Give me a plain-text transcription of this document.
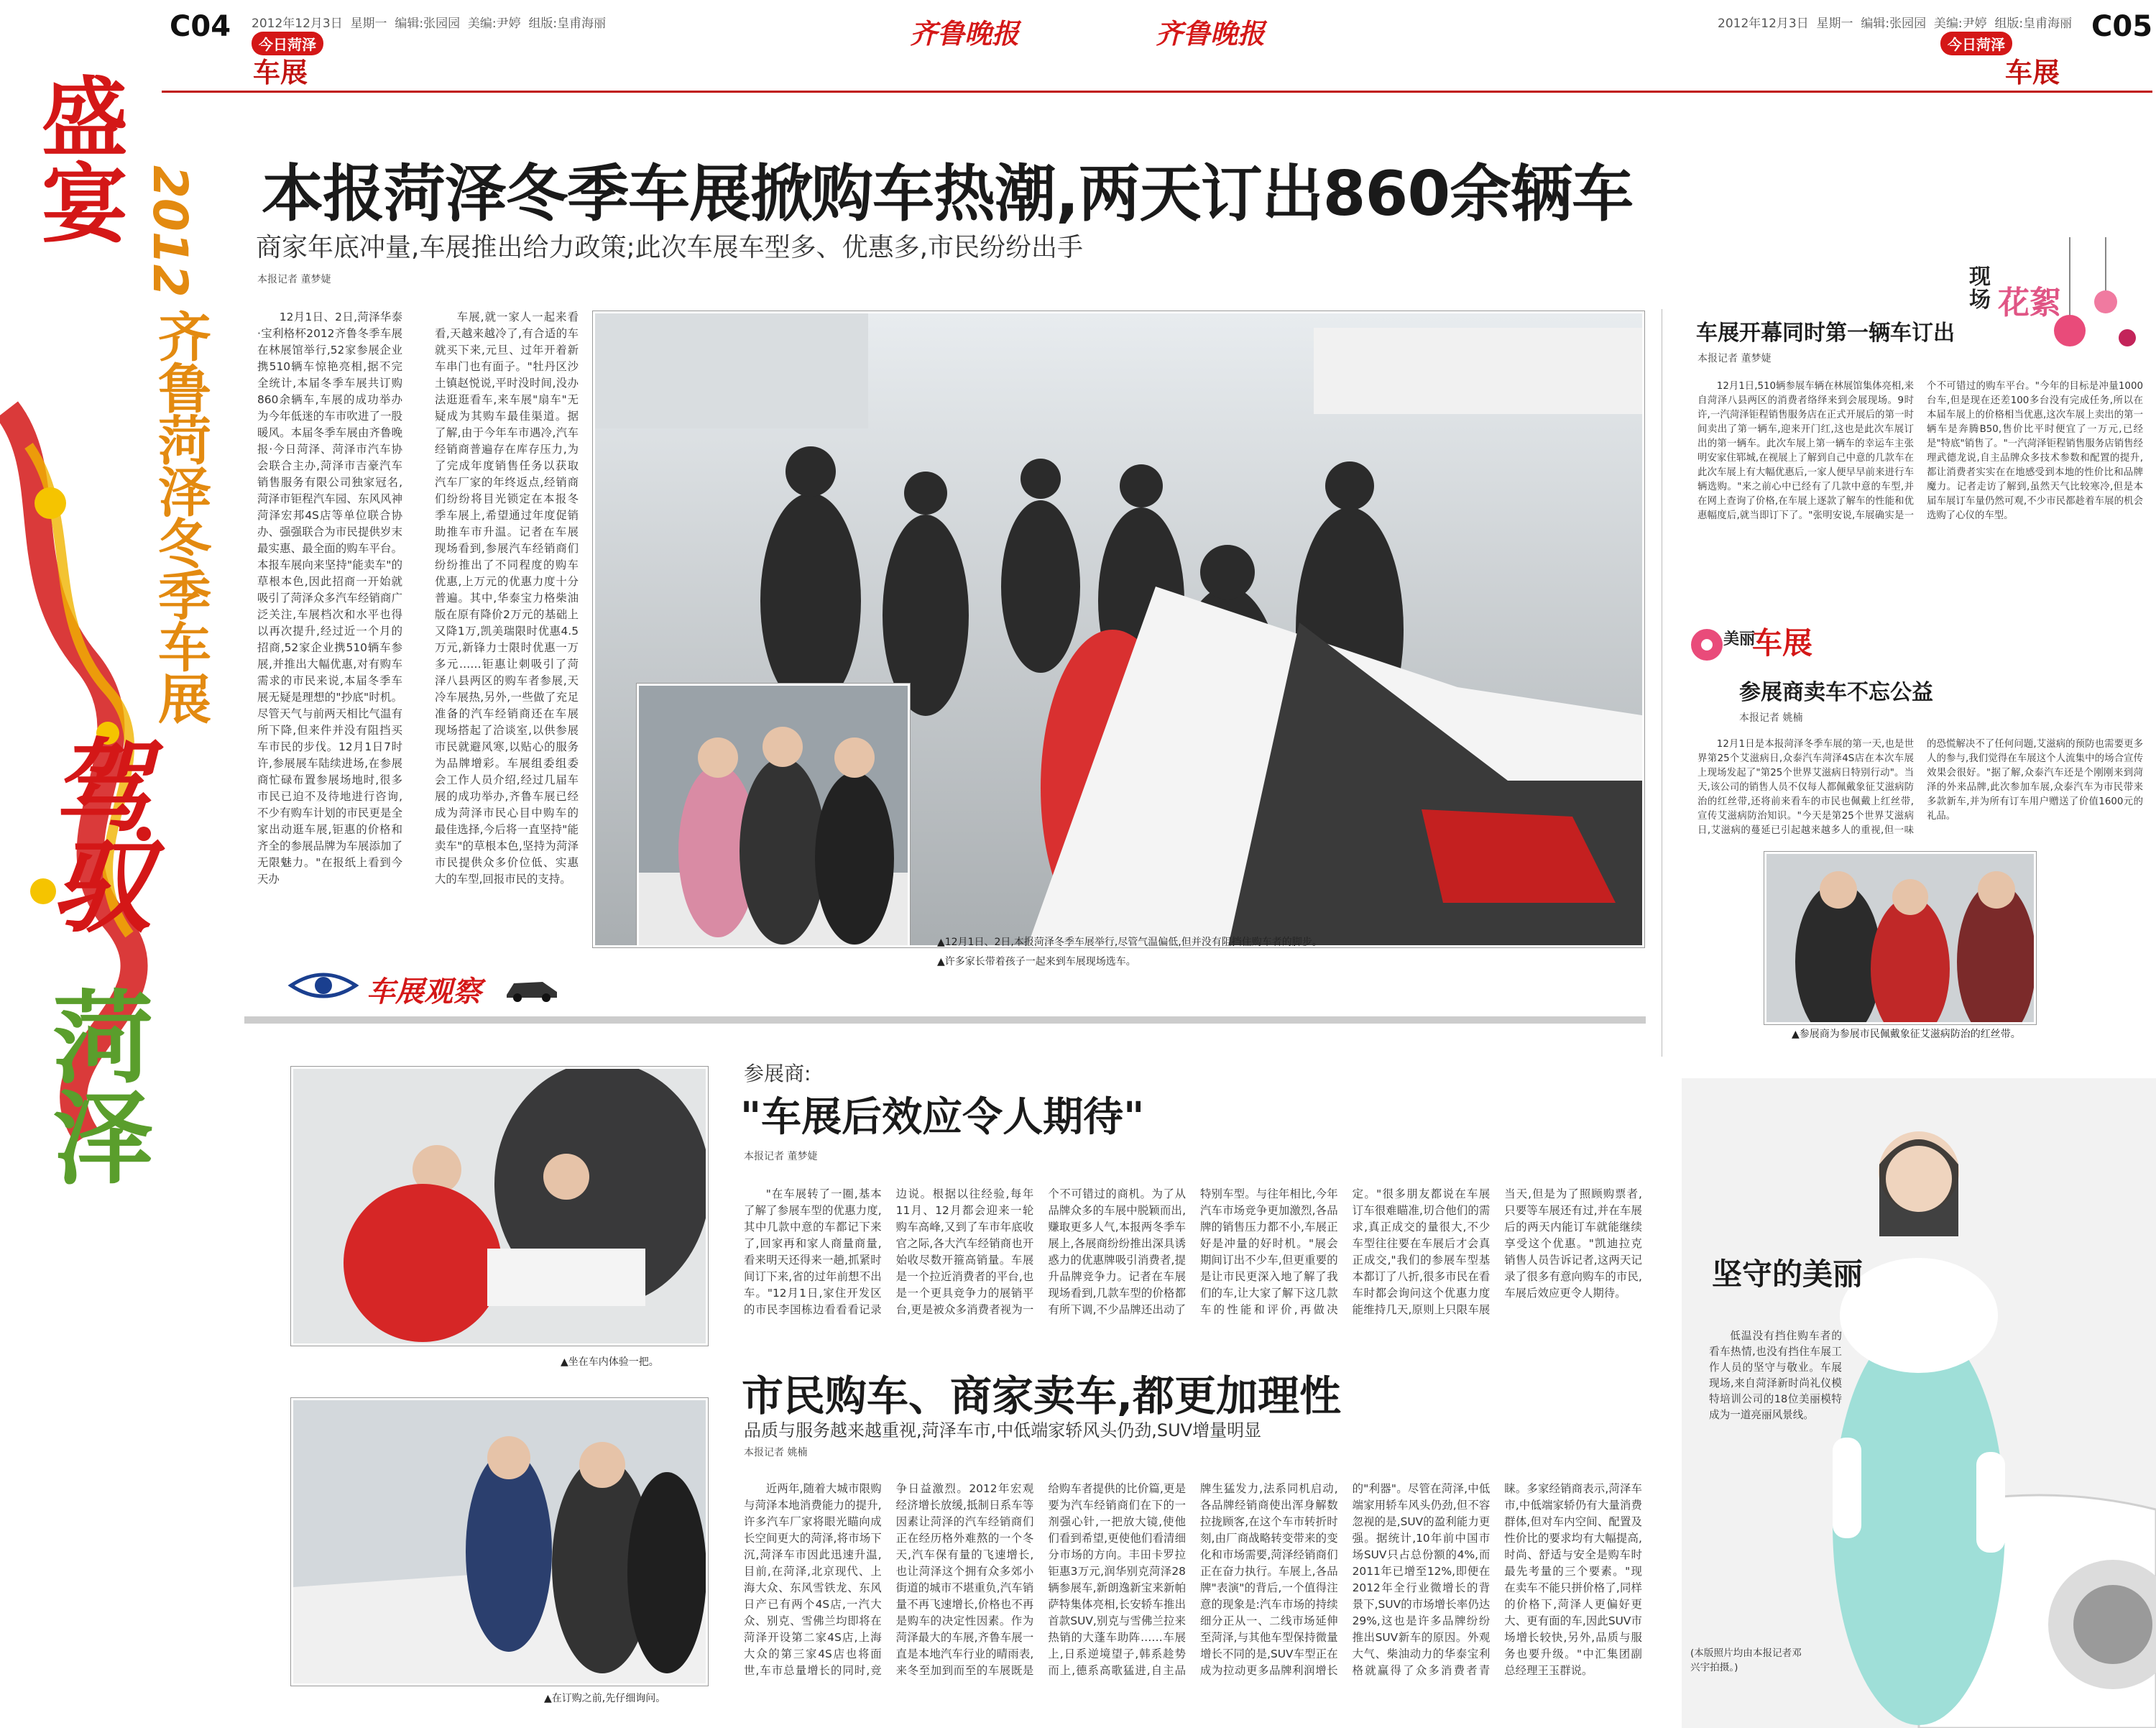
C04 2012年12月3日 星期一 编辑:张园园 美编:尹婷 组版:皇甫海丽
今日菏泽
车展
齐鲁晚报	齐鲁晚报	2012年12月3日 星期一 编辑:张园园 美编:尹婷 组版:皇甫海丽
今日菏泽
车展
C05
盛宴 2012
齐鲁菏泽冬季车展
驾驭
菏泽
本报菏泽冬季车展掀购车热潮,两天订出860余辆车
商家年底冲量,车展推出给力政策;此次车展车型多、优惠多,市民纷纷出手
本报记者 董梦婕

12月1日、2日,菏泽华泰·宝利格杯2012齐鲁冬季车展在林展馆举行,52家参展企业携510辆车惊艳亮相,据不完全统计,本届冬季车展共订购860余辆车,车展的成功举办为今年低迷的车市吹进了一股暖风。本届冬季车展由齐鲁晚报·今日菏泽、菏泽市汽车协会联合主办,菏泽市吉豪汽车销售服务有限公司独家冠名,菏泽市钜程汽车园、东风风神菏泽宏邦4S店等单位联合协办、强强联合为市民提供岁末最实惠、最全面的购车平台。本报车展向来坚持"能卖车"的草根本色,因此招商一开始就吸引了菏泽众多汽车经销商广泛关注,车展档次和水平也得以再次提升,经过近一个月的招商,52家企业携510辆车参展,并推出大幅优惠,对有购车需求的市民来说,本届冬季车展无疑是理想的"抄底"时机。尽管天气与前两天相比气温有所下降,但来件并没有阻挡买车市民的步伐。12月1日7时许,参展展车陆续进场,在参展商忙碌布置参展场地时,很多市民已迫不及待地进行咨询,不少有购车计划的市民更是全家出动逛车展,钜惠的价格和齐全的参展品牌为车展添加了无限魅力。"在报纸上看到今天办

车展,就一家人一起来看看,天越来越冷了,有合适的车就买下来,元旦、过年开着新车串门也有面子。"牡丹区沙土镇赵悦说,平时没时间,没办法逛逛看车,来车展"扇车"无疑成为其购车最佳渠道。据了解,由于今年车市遇冷,汽车经销商普遍存在库存压力,为了完成年度销售任务以获取汽车厂家的年终返点,经销商们纷纷将目光锁定在本报冬季车展上,希望通过年度促销助推车市升温。记者在车展现场看到,参展汽车经销商们纷纷推出了不同程度的购车优惠,上万元的优惠力度十分普遍。其中,华泰宝力格柴油版在原有降价2万元的基础上又降1万,凯美瑞限时优惠4.5万元,新锋力士限时优惠一万多元……钜惠让刺吸引了菏泽八县两区的购车者参展,天冷车展热,另外,一些做了充足准备的汽车经销商还在车展现场搭起了洽谈室,以供参展市民就避风寒,以贴心的服务为品牌增彩。车展组委组委会工作人员介绍,经过几届车展的成功举办,齐鲁车展已经成为菏泽市民心目中购车的最佳选择,今后将一直坚持"能卖车"的草根本色,坚持为菏泽市民提供众多价位低、实惠大的车型,回报市民的支持。

▲12月1日、2日,本报菏泽冬季车展举行,尽管气温偏低,但并没有阻挡住购车者的脚步。
▲许多家长带着孩子一起来到车展现场选车。
车展观察
▲坐在车内体验一把。
参展商:
"车展后效应令人期待"
本报记者 董梦婕

"在车展转了一圈,基本了解了参展车型的优惠力度,其中几款中意的车都记下来了,回家再和家人商量商量,看来明天还得来一趟,抓紧时间订下来,省的过年前想不出车。"12月1日,家住开发区的市民李国栋边看看看记录边说。根据以往经验,每年11月、12月都会迎来一轮购车高峰,又到了车市年底收官之际,各大汽车经销商也开始收尽数开箍高销量。车展是一个拉近消费者的平台,也是一个更具竞争力的展销平台,更是被众多消费者视为一个不可错过的商机。为了从品牌众多的车展中脱颖而出,赚取更多人气,本报两冬季车展上,各展商纷纷推出深具诱惑力的优惠牌吸引消费者,提升品牌竞争力。记者在车展现场看到,几款车型的价格都有所下调,不少品牌还出动了特别车型。与往年相比,今年汽车市场竞争更加激烈,各品牌的销售压力都不小,车展正好是冲量的好时机。"展会期间订出不少车,但更重要的是让市民更深入地了解了我们的车,让大家了解下这几款车的性能和评价,再做决定。"很多朋友都说在车展订车很难瞄准,切合他们的需求,真正成交的量很大,不少车型往往要在车展后才会真正成交,"我们的参展车型基本都订了八折,很多市民在看车时都会询问这个优惠力度能维持几天,原则上只限车展当天,但是为了照顾购票者,只要等车展还有过,并在车展后的两天内能订车就能继续享受这个优惠。"凯迪拉克销售人员告诉记者,这两天记录了很多有意向购车的市民,车展后效应更令人期待。

▲在订购之前,先仔细询问。
市民购车、商家卖车,都更加理性
品质与服务越来越重视,菏泽车市,中低端家轿风头仍劲,SUV增量明显
本报记者 姚楠

近两年,随着大城市限购与菏泽本地消费能力的提升,许多汽车厂家将眼光瞄向成长空间更大的菏泽,将市场下沉,菏泽车市因此迅速升温,目前,在菏泽,北京现代、上海大众、东风雪铁龙、东风日产已有两个4S店,一汽大众、别克、雪佛兰均即将在菏泽开设第二家4S店,上海大众的第三家4S店也将面世,车市总量增长的同时,竞争日益激烈。2012年宏观经济增长放缓,抵制日系车等因素让菏泽的汽车经销商们正在经历格外难熬的一个冬天,汽车保有量的飞速增长,也让菏泽这个拥有众多郊小街道的城市不堪重负,汽车销量不再飞速增长,价格也不再是购车的决定性因素。作为菏泽最大的车展,齐鲁车展一直是本地汽车行业的晴雨表,来冬至加到而至的车展既是给购车者提供的比价篇,更是要为汽车经销商们在下的一剂强心针,一把放大镜,使他们看到希望,更使他们看清细分市场的方向。丰田卡罗拉钜惠3万元,润华别克菏泽28辆参展车,新朗逸新宝来新帕萨特集体亮相,长安轿车推出首款SUV,别克与雪佛兰拉来热销的大蓬车助阵……车展上,日系逆境望子,韩系趁势而上,德系高歌猛进,自主品牌生猛发力,法系同机启动,各品牌经销商使出浑身解数拉拢顾客,在这个车市转折时刻,由厂商战略转变带来的变化和市场需要,菏泽经销商们正在奋力执行。车展上,各品牌"表演"的背后,一个值得注意的现象是:汽车市场的持续细分正从一、二线市场延伸至菏泽,与其他车型保持微量增长不同的是,SUV车型正在成为拉动更多品牌利润增长的"利器"。尽管在菏泽,中低端家用轿车风头仍劲,但不容忽视的是,SUV的盈利能力更强。据统计,10年前中国市场SUV只占总份额的4%,而2011年已增至12%,即便在2012年全行业微增长的背景下,SUV的市场增长率仍达29%,这也是许多品牌纷纷推出SUV新车的原因。外观大气、柴油动力的华泰宝利格就赢得了众多消费者青睐。多家经销商表示,菏泽车市,中低端家轿仍有大量消费群体,但对车内空间、配置及性价比的要求均有大幅提高,时尚、舒适与安全是购车时最先考量的三个要素。"现在卖车不能只拼价格了,同样的价格下,菏泽人更偏好更大、更有面的车,因此SUV市场增长较快,另外,品质与服务也要升级。"中汇集团副总经理王玉群说。

现场 花絮
车展开幕同时第一辆车订出
本报记者 董梦婕

12月1日,510辆参展车辆在林展馆集体亮相,来自菏泽八县两区的消费者络绎来到会展现场。9时许,一汽菏泽钜程销售服务店在正式开展后的第一时间卖出了第一辆车,迎来开门红,这也是此次车展订出的第一辆车。此次车展上第一辆车的幸运车主张明安家住郓城,在视展上了解到自己中意的几款车在此次车展上有大幅优惠后,一家人便早早前来进行车辆选购。"来之前心中已经有了几款中意的车型,并在网上查询了价格,在车展上逐款了解车的性能和优惠幅度后,就当即订下了。"张明安说,车展确实是一个不可错过的购车平台。"今年的目标是冲量1000台车,但是现在还差100多台没有完成任务,所以在本届车展上的价格相当优惠,这次车展上卖出的第一辆车是奔腾B50,售价比平时便宜了一万元,已经是"特底"销售了。"一汽菏泽钜程销售服务店销售经理武德龙说,自主品牌众多技术参数和配置的提升,都让消费者实实在在地感受到本地的性价比和品牌魔力。记者走访了解到,虽然天气比较寒冷,但是本届车展订车量仍然可观,不少市民都趁着车展的机会选购了心仪的车型。

美丽
车展
参展商卖车不忘公益
本报记者 姚楠

12月1日是本报菏泽冬季车展的第一天,也是世界第25个艾滋病日,众泰汽车菏泽4S店在本次车展上现场发起了"第25个世界艾滋病日特别行动"。当天,该公司的销售人员不仅每人都佩戴象征艾滋病防治的红丝带,还将前来看车的市民也佩戴上红丝带,宣传艾滋病防治知识。"今天是第25个世界艾滋病日,艾滋病的蔓延已引起越来越多人的重视,但一味的恐慌解决不了任何问题,艾滋病的预防也需要更多人的参与,我们觉得在车展这个人流集中的场合宣传效果会很好。"据了解,众泰汽车还是个刚刚来到菏泽的外来品牌,此次参加车展,众泰汽车为市民带来多款新车,并为所有订车用户赠送了价值1600元的礼品。

▲参展商为参展市民佩戴象征艾滋病防治的红丝带。
坚守的美丽

低温没有挡住购车者的看车热情,也没有挡住车展工作人员的坚守与敬业。车展现场,来自菏泽新时尚礼仪模特培训公司的18位美丽模特成为一道亮丽风景线。

(本版照片均由本报记者邓兴宇拍摄。)
